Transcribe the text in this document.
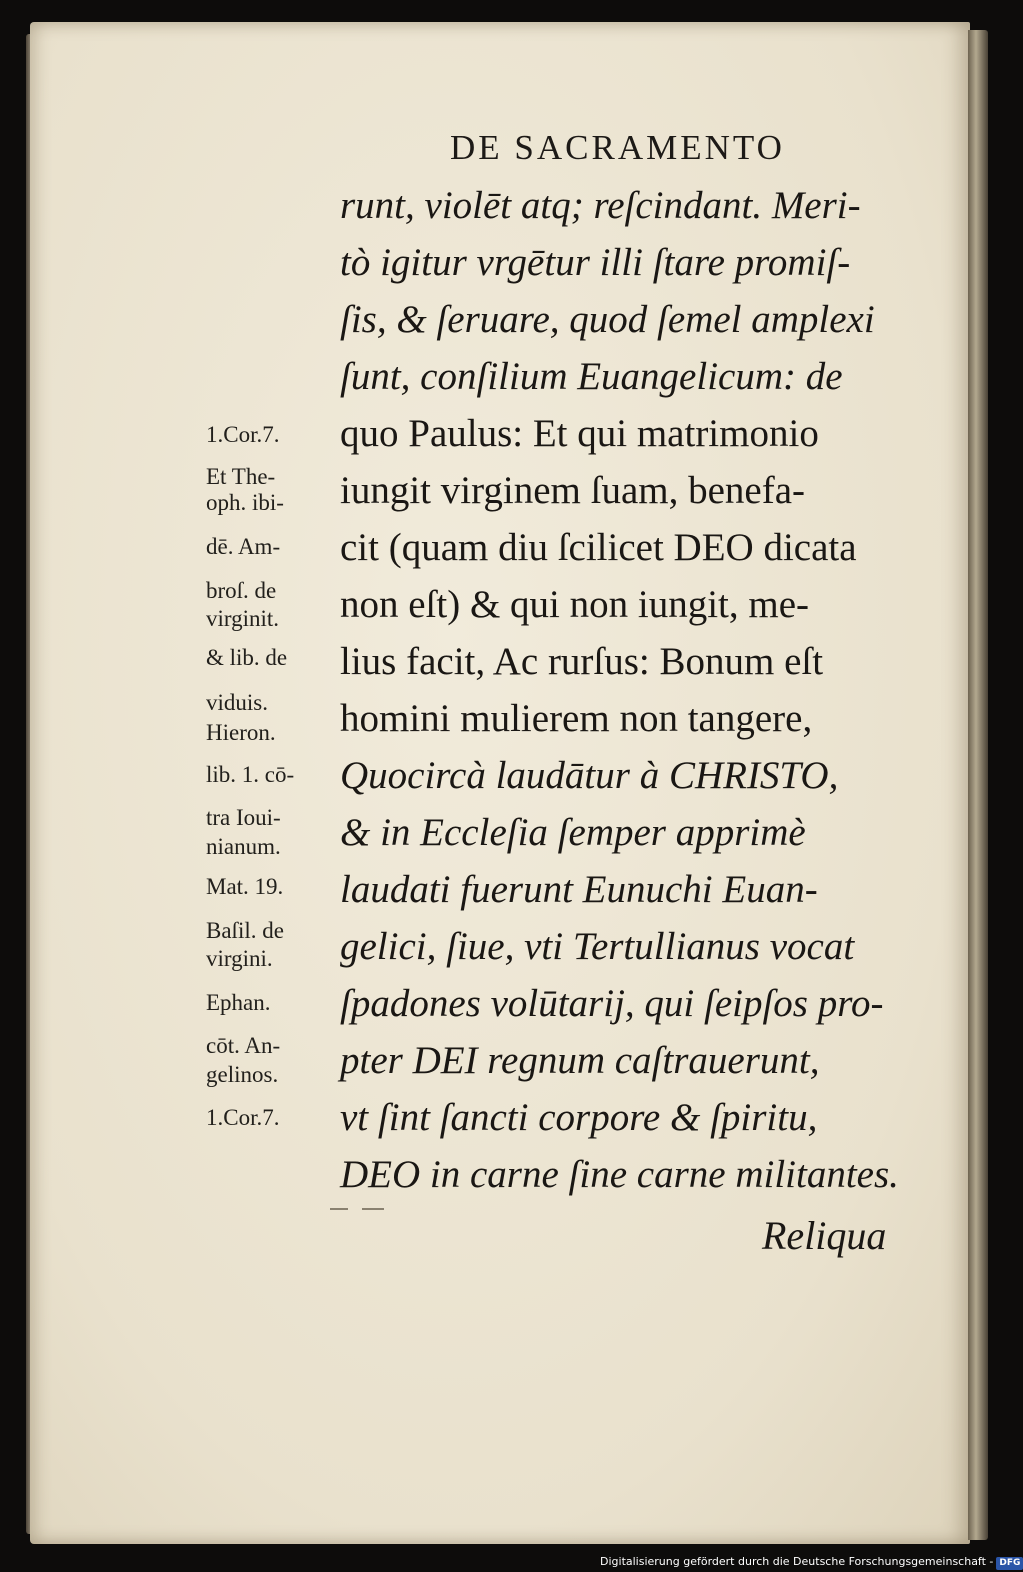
DE SACRAMENTO
runt, violēt atq; reſcindant. Meri-
tò igitur vrgētur illi ſtare promiſ-
ſis, & ſeruare, quod ſemel amplexi
ſunt, conſilium Euangelicum: de
quo Paulus: Et qui matrimonio
iungit virginem ſuam, benefa-
cit (quam diu ſcilicet DEO dicata
non eſt) & qui non iungit, me-
lius facit, Ac rurſus: Bonum eſt
homini mulierem non tangere,
Quocircà laudātur à CHRISTO,
& in Eccleſia ſemper apprimè
laudati fuerunt Eunuchi Euan-
gelici, ſiue, vti Tertullianus vocat
ſpadones volūtarij, qui ſeipſos pro-
pter DEI regnum caſtrauerunt,
vt ſint ſancti corpore & ſpiritu,
DEO in carne ſine carne militantes.
1.Cor.7.
Et The-
oph. ibi-
dē. Am-
broſ. de
virginit.
& lib. de
viduis.
Hieron.
lib. 1. cō-
tra Ioui-
nianum.
Mat. 19.
Baſil. de
virgini.
Ephan.
cōt. An-
gelinos.
1.Cor.7.
Reliqua
Digitalisierung gefördert durch die Deutsche Forschungsgemeinschaft - DFG
